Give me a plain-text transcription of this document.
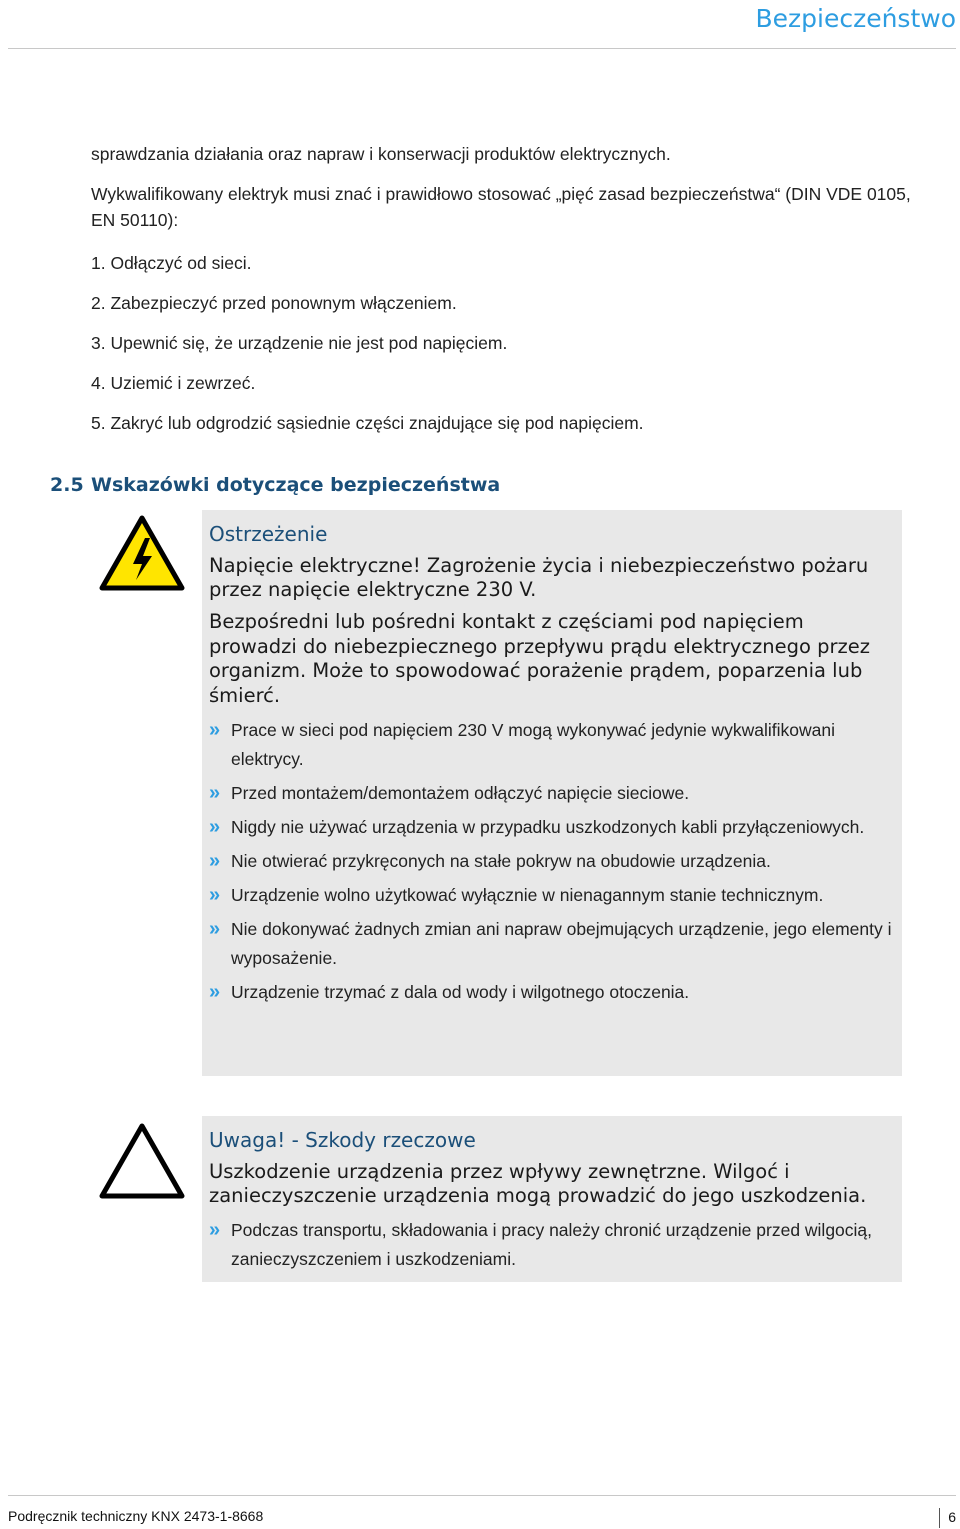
Bezpieczeństwo

sprawdzania działania oraz napraw i konserwacji produktów elektrycznych.

Wykwalifikowany elektryk musi znać i prawidłowo stosować „pięć zasad bezpieczeństwa“ (DIN VDE 0105, EN 50110):

1. Odłączyć od sieci.
2. Zabezpieczyć przed ponownym włączeniem.
3. Upewnić się, że urządzenie nie jest pod napięciem.
4. Uziemić i zewrzeć.
5. Zakryć lub odgrodzić sąsiednie części znajdujące się pod napięciem.
2.5 Wskazówki dotyczące bezpieczeństwa
Ostrzeżenie

Napięcie elektryczne! Zagrożenie życia i niebezpieczeństwo pożaru przez napięcie elektryczne 230 V.

Bezpośredni lub pośredni kontakt z częściami pod napięciem prowadzi do niebezpiecznego przepływu prądu elektrycznego przez organizm. Może to spowodować porażenie prądem, poparzenia lub śmierć.

» Prace w sieci pod napięciem 230 V mogą wykonywać jedynie wykwalifikowani elektrycy.
» Przed montażem/demontażem odłączyć napięcie sieciowe.
» Nigdy nie używać urządzenia w przypadku uszkodzonych kabli przyłączeniowych.
» Nie otwierać przykręconych na stałe pokryw na obudowie urządzenia.
» Urządzenie wolno użytkować wyłącznie w nienagannym stanie technicznym.
» Nie dokonywać żadnych zmian ani napraw obejmujących urządzenie, jego elementy i wyposażenie.
» Urządzenie trzymać z dala od wody i wilgotnego otoczenia.
Uwaga! - Szkody rzeczowe

Uszkodzenie urządzenia przez wpływy zewnętrzne. Wilgoć i zanieczyszczenie urządzenia mogą prowadzić do jego uszkodzenia.

» Podczas transportu, składowania i pracy należy chronić urządzenie przed wilgocią, zanieczyszczeniem i uszkodzeniami.
Podręcznik techniczny KNX 2473-1-8668	6
